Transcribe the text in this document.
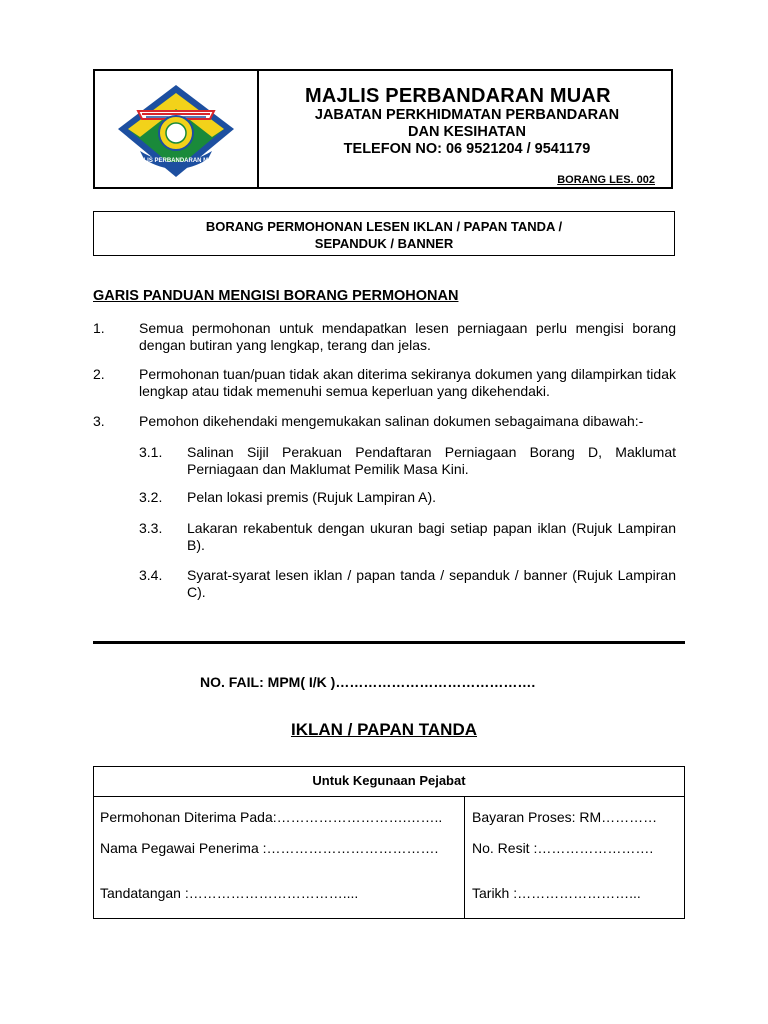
MAJLIS PERBANDARAN MUAR
MAJLIS PERBANDARAN MUAR
JABATAN PERKHIDMATAN PERBANDARAN
DAN KESIHATAN
TELEFON NO: 06 9521204 / 9541179
BORANG LES. 002
BORANG PERMOHONAN LESEN IKLAN / PAPAN TANDA /
SEPANDUK / BANNER
GARIS PANDUAN MENGISI BORANG PERMOHONAN
1. Semua permohonan untuk mendapatkan lesen perniagaan perlu mengisi borang dengan butiran yang lengkap, terang dan jelas.
2. Permohonan tuan/puan tidak akan diterima sekiranya dokumen yang dilampirkan tidak lengkap atau tidak memenuhi semua keperluan yang dikehendaki.
3. Pemohon dikehendaki mengemukakan salinan dokumen sebagaimana dibawah:-
3.1. Salinan Sijil Perakuan Pendaftaran Perniagaan Borang D, Maklumat Perniagaan dan Maklumat Pemilik Masa Kini.
3.2. Pelan lokasi premis (Rujuk Lampiran A).
3.3. Lakaran rekabentuk dengan ukuran bagi setiap papan iklan (Rujuk Lampiran B).
3.4. Syarat-syarat lesen iklan / papan tanda / sepanduk / banner (Rujuk Lampiran C).
NO. FAIL: MPM( I/K )…………………………………….
IKLAN / PAPAN TANDA
Untuk Kegunaan Pejabat
Permohonan Diterima Pada:……………………….……..
Nama Pegawai Penerima :……………………………….
Tandatangan :……………………………....
Bayaran Proses: RM…………
No. Resit :…………………….
Tarikh :……………………...
